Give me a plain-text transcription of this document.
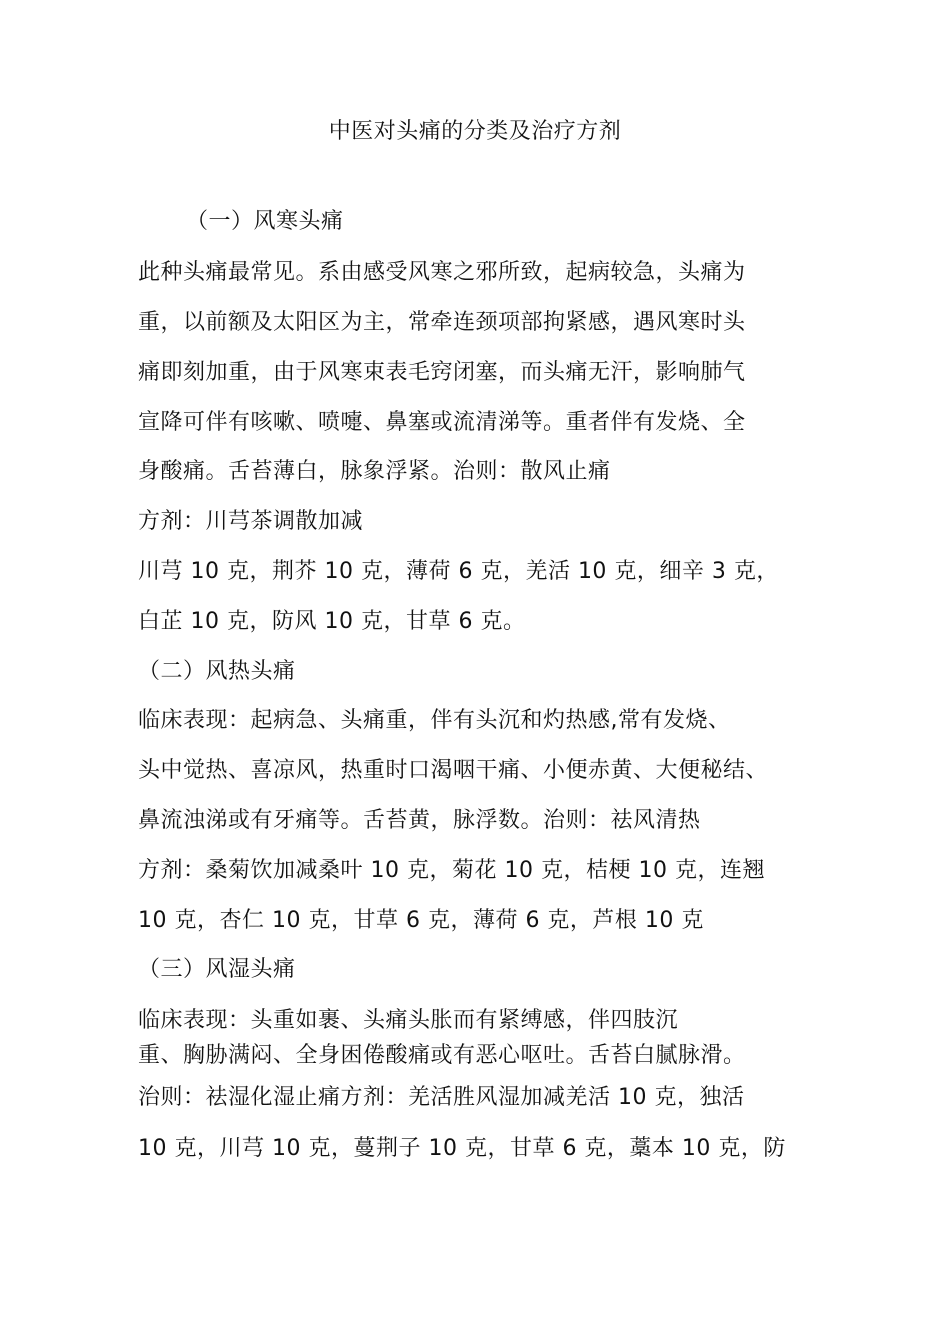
中医对头痛的分类及治疗方剂
（一）风寒头痛
此种头痛最常见。系由感受风寒之邪所致，起病较急，头痛为
重，以前额及太阳区为主，常牵连颈项部拘紧感，遇风寒时头
痛即刻加重，由于风寒束表毛窍闭塞，而头痛无汗，影响肺气
宣降可伴有咳嗽、喷嚏、鼻塞或流清涕等。重者伴有发烧、全
身酸痛。舌苔薄白，脉象浮紧。治则：散风止痛
方剂：川芎茶调散加减
川芎 10 克，荆芥 10 克，薄荷 6 克，羌活 10 克，细辛 3 克，
白芷 10 克，防风 10 克，甘草 6 克。
（二）风热头痛
临床表现：起病急、头痛重，伴有头沉和灼热感,常有发烧、
头中觉热、喜凉风，热重时口渴咽干痛、小便赤黄、大便秘结、
鼻流浊涕或有牙痛等。舌苔黄，脉浮数。治则：祛风清热
方剂：桑菊饮加减桑叶 10 克，菊花 10 克，桔梗 10 克，连翘
10 克，杏仁 10 克，甘草 6 克，薄荷 6 克，芦根 10 克
（三）风湿头痛
临床表现：头重如裹、头痛头胀而有紧缚感，伴四肢沉
重、胸胁满闷、全身困倦酸痛或有恶心呕吐。舌苔白腻脉滑。
治则：祛湿化湿止痛方剂：羌活胜风湿加减羌活 10 克，独活
10 克，川芎 10 克，蔓荆子 10 克，甘草 6 克，藁本 10 克，防
